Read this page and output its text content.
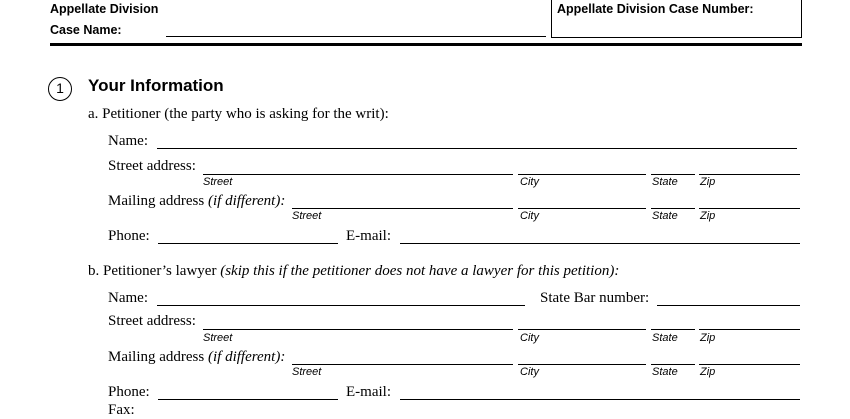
Appellate Division
Case Name:
Appellate Division Case Number:
1	Your Information
a. Petitioner (the party who is asking for the writ):
Name:
Street address:
Street	City	State Zip
Mailing address (if different):
Street	City	State Zip
Phone:	E-mail:
b. Petitioner’s lawyer (skip this if the petitioner does not have a lawyer for this petition):
Name:	State Bar number:
Street address:
Street	City	State Zip
Mailing address (if different):
Street	City	State Zip
Phone:	E-mail:
Fax:
